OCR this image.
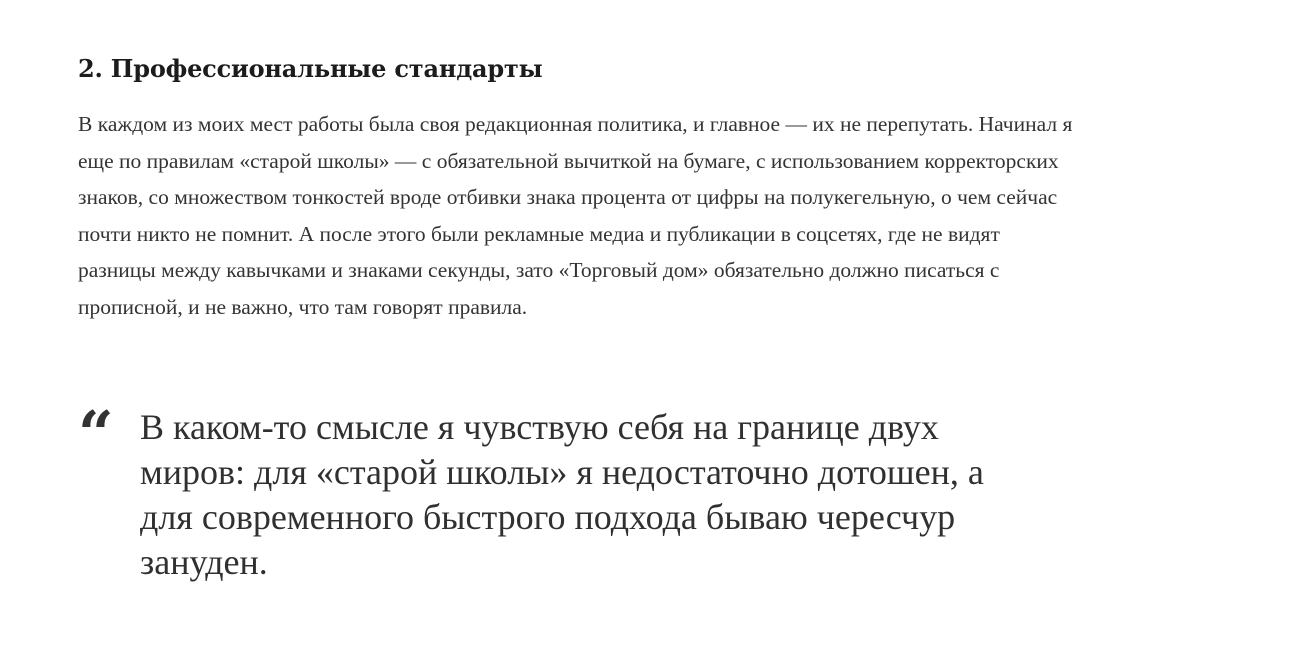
2. Профессиональные стандарты

В каждом из моих мест работы была своя редакционная политика, и главное — их не перепутать. Начинал я еще по правилам «старой школы» — с обязательной вычиткой на бумаге, с использованием корректорских знаков, со множеством тонкостей вроде отбивки знака процента от цифры на полукегельную, о чем сейчас почти никто не помнит. А после этого были рекламные медиа и публикации в соцсетях, где не видят разницы между кавычками и знаками секунды, зато «Торговый дом» обязательно должно писаться с прописной, и не важно, что там говорят правила.

“ В каком-то смысле я чувствую себя на границе двух миров: для «старой школы» я недостаточно дотошен, а для современного быстрого подхода бываю чересчур зануден.
